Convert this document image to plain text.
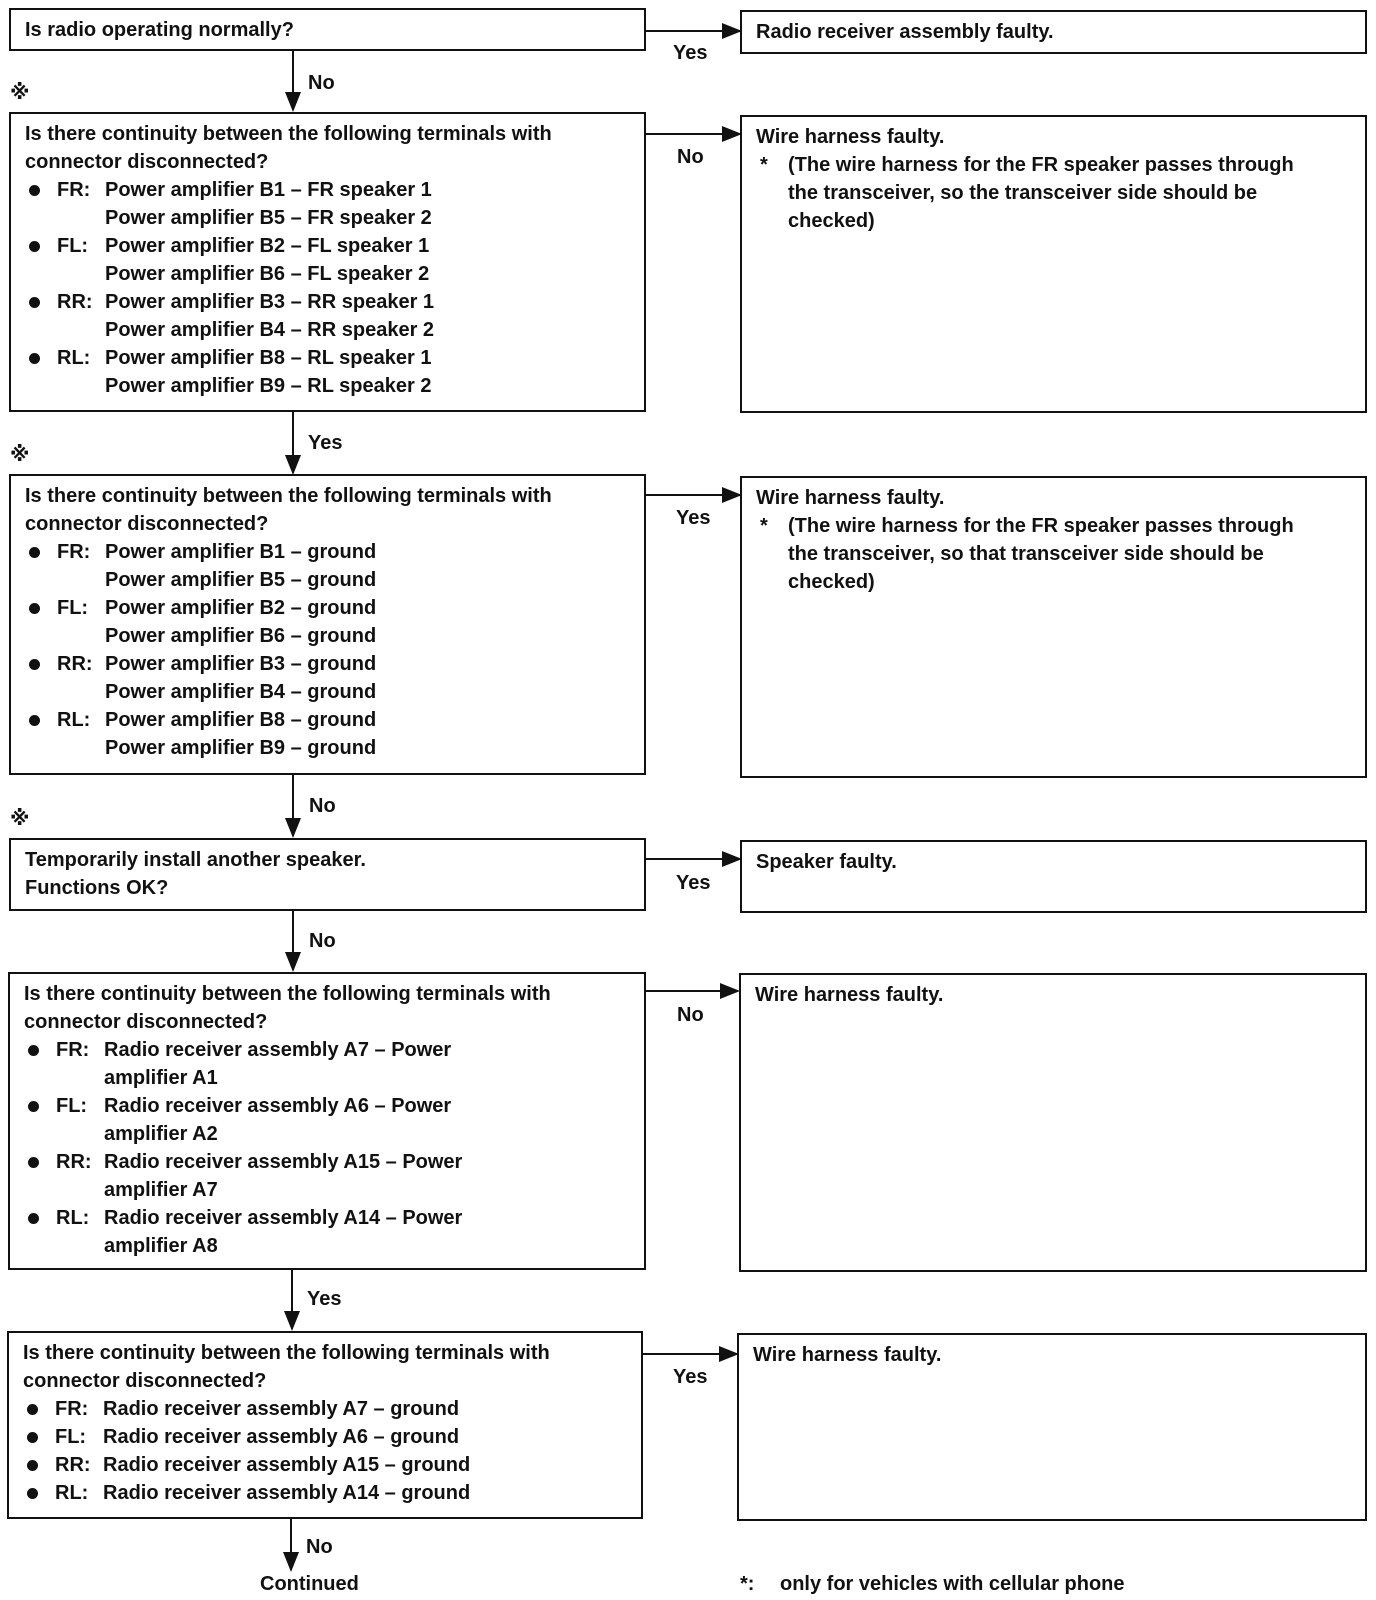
Is radio operating normally?
Yes
Radio receiver assembly faulty.
No
※
Is there continuity between the following terminals with
connector disconnected?
FR: Power amplifier B1 – FR speaker 1
Power amplifier B5 – FR speaker 2
FL: Power amplifier B2 – FL speaker 1
Power amplifier B6 – FL speaker 2
RR: Power amplifier B3 – RR speaker 1
Power amplifier B4 – RR speaker 2
RL: Power amplifier B8 – RL speaker 1
Power amplifier B9 – RL speaker 2
No
Wire harness faulty.
* (The wire harness for the FR speaker passes through
the transceiver, so the transceiver side should be
checked)
Yes
※
Is there continuity between the following terminals with
connector disconnected?
FR: Power amplifier B1 – ground
Power amplifier B5 – ground
FL: Power amplifier B2 – ground
Power amplifier B6 – ground
RR: Power amplifier B3 – ground
Power amplifier B4 – ground
RL: Power amplifier B8 – ground
Power amplifier B9 – ground
Yes
Wire harness faulty.
* (The wire harness for the FR speaker passes through
the transceiver, so that transceiver side should be
checked)
No
※
Temporarily install another speaker.
Functions OK?	Yes
Speaker faulty.
No
Is there continuity between the following terminals with
connector disconnected?
FR: Radio receiver assembly A7 – Power
amplifier A1
FL: Radio receiver assembly A6 – Power
amplifier A2
RR: Radio receiver assembly A15 – Power
amplifier A7
RL: Radio receiver assembly A14 – Power
amplifier A8
No
Wire harness faulty.
Yes
Is there continuity between the following terminals with
connector disconnected?
FR: Radio receiver assembly A7 – ground
FL: Radio receiver assembly A6 – ground
RR: Radio receiver assembly A15 – ground
RL: Radio receiver assembly A14 – ground
Yes
Wire harness faulty.
No
Continued	*: only for vehicles with cellular phone
